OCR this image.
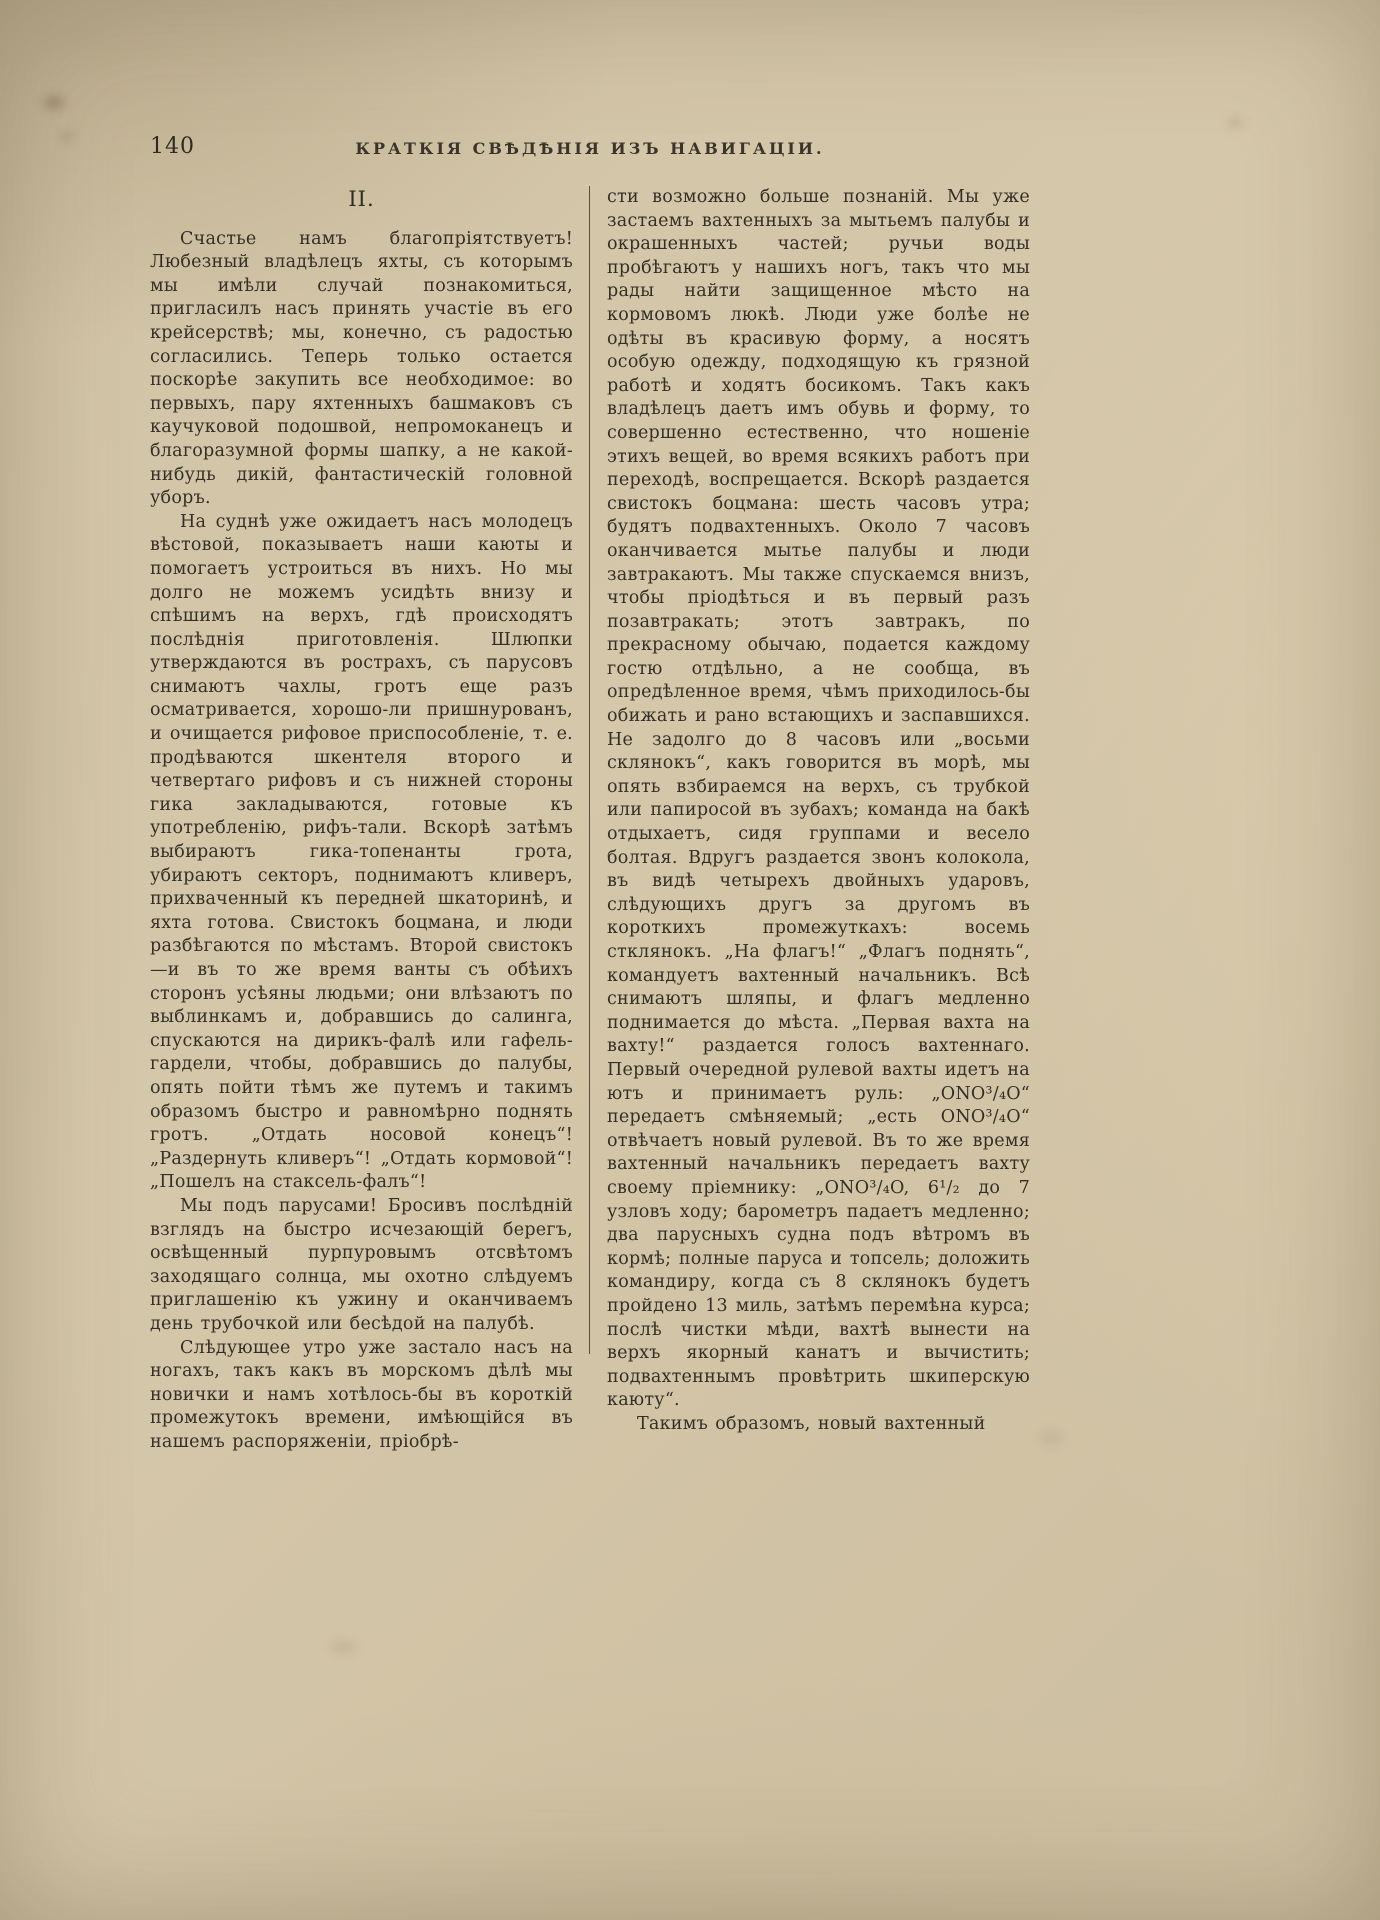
140	КРАТКІЯ СВѢДѢНІЯ ИЗЪ НАВИГАЦІИ.
II.

Счастье намъ благопріятствуетъ! Любезный владѣлецъ яхты, съ которымъ мы имѣли случай познакомиться, пригласилъ насъ принять участіе въ его крейсерствѣ; мы, конечно, съ радостью согласились. Теперь только остается поскорѣе закупить все необходимое: во первыхъ, пару яхтенныхъ башмаковъ съ каучуковой подошвой, непромоканецъ и благоразумной формы шапку, а не какой-нибудь дикій, фантастическій головной уборъ.

На суднѣ уже ожидаетъ насъ молодецъ вѣстовой, показываетъ наши каюты и помогаетъ устроиться въ нихъ. Но мы долго не можемъ усидѣть внизу и спѣшимъ на верхъ, гдѣ происходятъ послѣднія приготовленія. Шлюпки утверждаются въ рострахъ, съ парусовъ снимаютъ чахлы, гротъ еще разъ осматривается, хорошо-ли пришнурованъ, и очищается рифовое приспособленіе, т. е. продѣваются шкентеля второго и четвертаго рифовъ и съ нижней стороны гика закладываются, готовые къ употребленію, рифъ-тали. Вскорѣ затѣмъ выбираютъ гика-топенанты грота, убираютъ секторъ, поднимаютъ кливеръ, прихваченный къ передней шкаторинѣ, и яхта готова. Свистокъ боцмана, и люди разбѣгаются по мѣстамъ. Второй свистокъ—и въ то же время ванты съ обѣихъ сторонъ усѣяны людьми; они влѣзаютъ по выблинкамъ и, добравшись до салинга, спускаются на дирикъ-фалѣ или гафель-гардели, чтобы, добравшись до палубы, опять пойти тѣмъ же путемъ и такимъ образомъ быстро и равномѣрно поднять гротъ. „Отдать носовой конецъ“! „Раздернуть кливеръ“! „Отдать кормовой“! „Пошелъ на стаксель-фалъ“!

Мы подъ парусами! Бросивъ послѣдній взглядъ на быстро исчезающій берегъ, освѣщенный пурпуровымъ отсвѣтомъ заходящаго солнца, мы охотно слѣдуемъ приглашенію къ ужину и оканчиваемъ день трубочкой или бесѣдой на палубѣ.

Слѣдующее утро уже застало насъ на ногахъ, такъ какъ въ морскомъ дѣлѣ мы новички и намъ хотѣлось-бы въ короткій промежутокъ времени, имѣющійся въ нашемъ распоряженіи, пріобрѣ-

сти возможно больше познаній. Мы уже застаемъ вахтенныхъ за мытьемъ палубы и окрашенныхъ частей; ручьи воды пробѣгаютъ у нашихъ ногъ, такъ что мы рады найти защищенное мѣсто на кормовомъ люкѣ. Люди уже болѣе не одѣты въ красивую форму, а носятъ особую одежду, подходящую къ грязной работѣ и ходятъ босикомъ. Такъ какъ владѣлецъ даетъ имъ обувь и форму, то совершенно естественно, что ношеніе этихъ вещей, во время всякихъ работъ при переходѣ, воспрещается. Вскорѣ раздается свистокъ боцмана: шесть часовъ утра; будятъ подвахтенныхъ. Около 7 часовъ оканчивается мытье палубы и люди завтракаютъ. Мы также спускаемся внизъ, чтобы пріодѣться и въ первый разъ позавтракать; этотъ завтракъ, по прекрасному обычаю, подается каждому гостю отдѣльно, а не сообща, въ опредѣленное время, чѣмъ приходилось-бы обижать и рано встающихъ и заспавшихся. Не задолго до 8 часовъ или „восьми склянокъ“, какъ говорится въ морѣ, мы опять взбираемся на верхъ, съ трубкой или папиросой въ зубахъ; команда на бакѣ отдыхаетъ, сидя группами и весело болтая. Вдругъ раздается звонъ колокола, въ видѣ четырехъ двойныхъ ударовъ, слѣдующихъ другъ за другомъ въ короткихъ промежуткахъ: восемь стклянокъ. „На флагъ!“ „Флагъ поднять“, командуетъ вахтенный начальникъ. Всѣ снимаютъ шляпы, и флагъ медленно поднимается до мѣста. „Первая вахта на вахту!“ раздается голосъ вахтеннаго. Первый очередной рулевой вахты идетъ на ютъ и принимаетъ руль: „ONO³/₄O“ передаетъ смѣняемый; „есть ONO³/₄O“ отвѣчаетъ новый рулевой. Въ то же время вахтенный начальникъ передаетъ вахту своему пріемнику: „ONO³/₄O, 6¹/₂ до 7 узловъ ходу; барометръ падаетъ медленно; два парусныхъ судна подъ вѣтромъ въ кормѣ; полные паруса и топсель; доложить командиру, когда съ 8 склянокъ будетъ пройдено 13 миль, затѣмъ перемѣна курса; послѣ чистки мѣди, вахтѣ вынести на верхъ якорный канатъ и вычистить; подвахтеннымъ провѣтрить шкиперскую каюту“.

Такимъ образомъ, новый вахтенный
